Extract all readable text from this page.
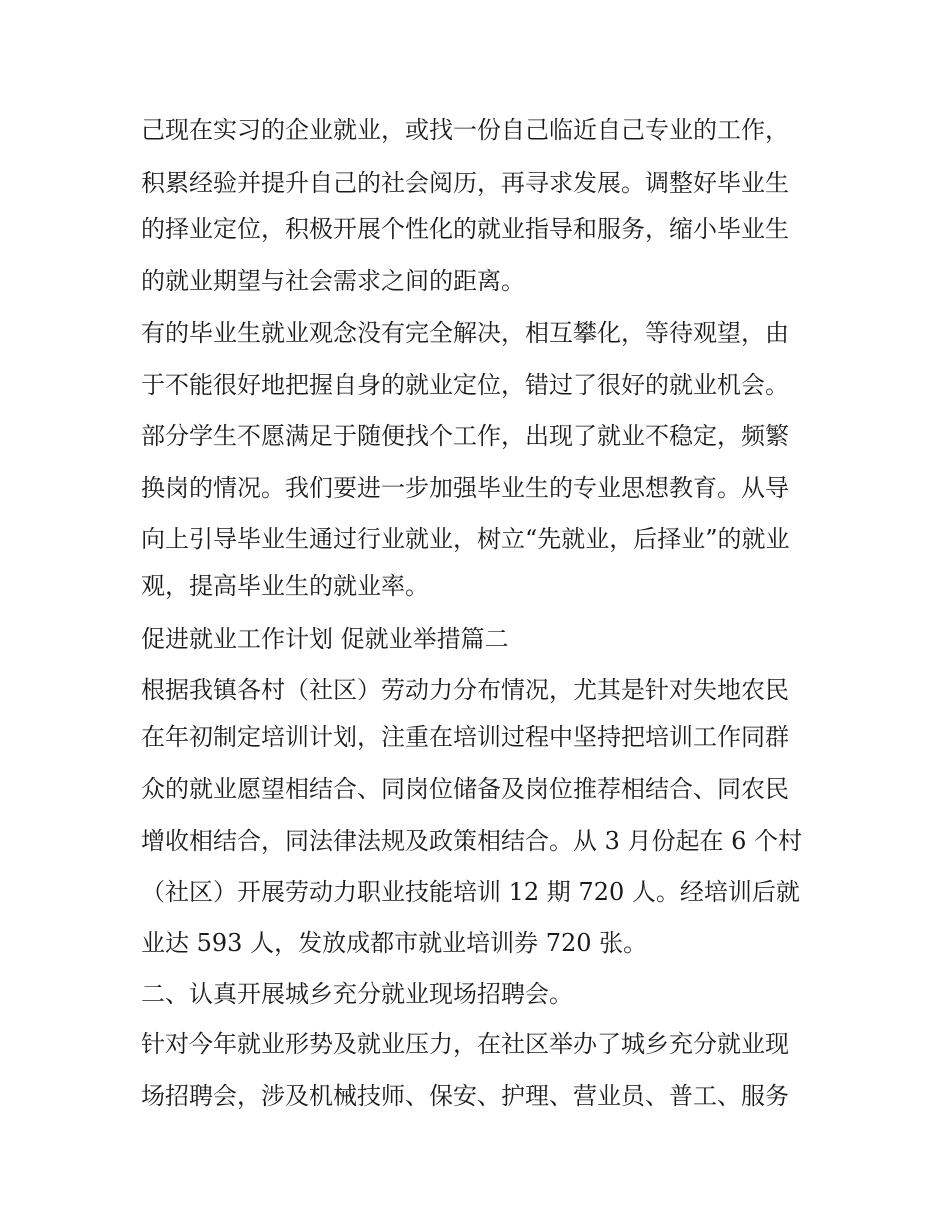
己现在实习的企业就业，或找一份自己临近自己专业的工作，
积累经验并提升自己的社会阅历，再寻求发展。调整好毕业生
的择业定位，积极开展个性化的就业指导和服务，缩小毕业生
的就业期望与社会需求之间的距离。
有的毕业生就业观念没有完全解决，相互攀化，等待观望，由
于不能很好地把握自身的就业定位，错过了很好的就业机会。
部分学生不愿满足于随便找个工作，出现了就业不稳定，频繁
换岗的情况。我们要进一步加强毕业生的专业思想教育。从导
向上引导毕业生通过行业就业，树立“先就业，后择业”的就业
观，提高毕业生的就业率。
促进就业工作计划 促就业举措篇二
根据我镇各村（社区）劳动力分布情况，尤其是针对失地农民
在年初制定培训计划，注重在培训过程中坚持把培训工作同群
众的就业愿望相结合、同岗位储备及岗位推荐相结合、同农民
增收相结合，同法律法规及政策相结合。从 3 月份起在 6 个村
（社区）开展劳动力职业技能培训 12 期 720 人。经培训后就
业达 593 人，发放成都市就业培训券 720 张。
二、认真开展城乡充分就业现场招聘会。
针对今年就业形势及就业压力，在社区举办了城乡充分就业现
场招聘会，涉及机械技师、保安、护理、营业员、普工、服务
